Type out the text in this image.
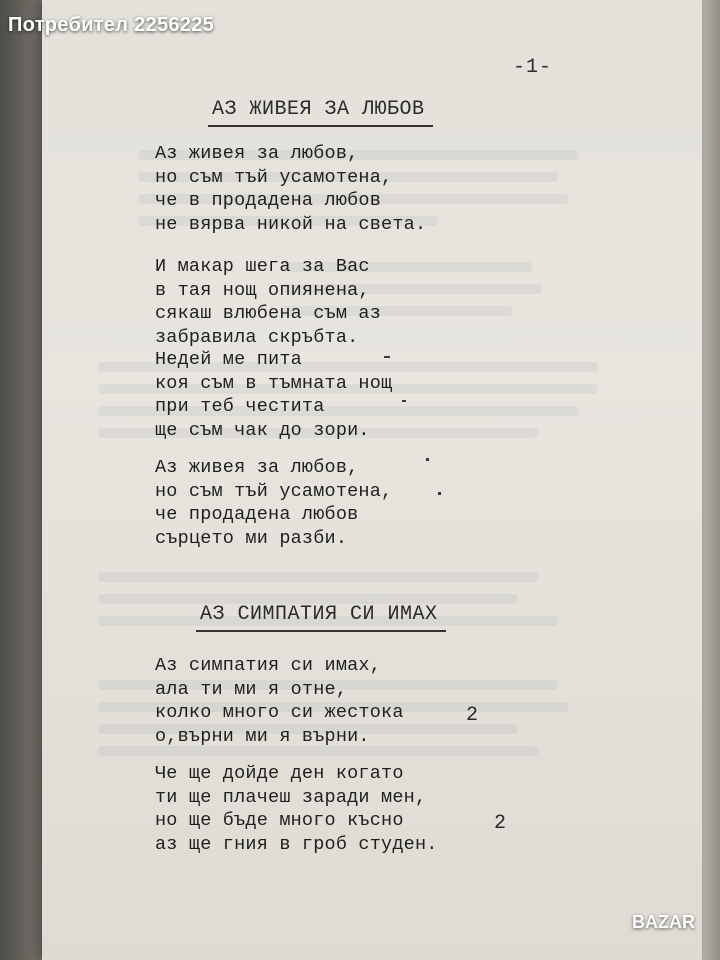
Потребител 2256225
-1-
АЗ ЖИВЕЯ ЗА ЛЮБОВ
Аз живея за любов,
но съм тъй усамотена,
че в продадена любов
не вярва никой на света.
И макар шега за Вас
в тая нощ опиянена,
сякаш влюбена съм аз
забравила скръбта.
Недей ме пита
коя съм в тъмната нощ
при теб честита
ще съм чак до зори.
Аз живея за любов,
но съм тъй усамотена,
че продадена любов
сърцето ми разби.
АЗ СИМПАТИЯ СИ ИМАХ
Аз симпатия си имах,
ала ти ми я отне,
колко много си жестока
о,върни ми я върни.
Че ще дойде ден когато
ти ще плачеш заради мен,
но ще бъде много късно
аз ще гния в гроб студен.
2
2
BAZAR
